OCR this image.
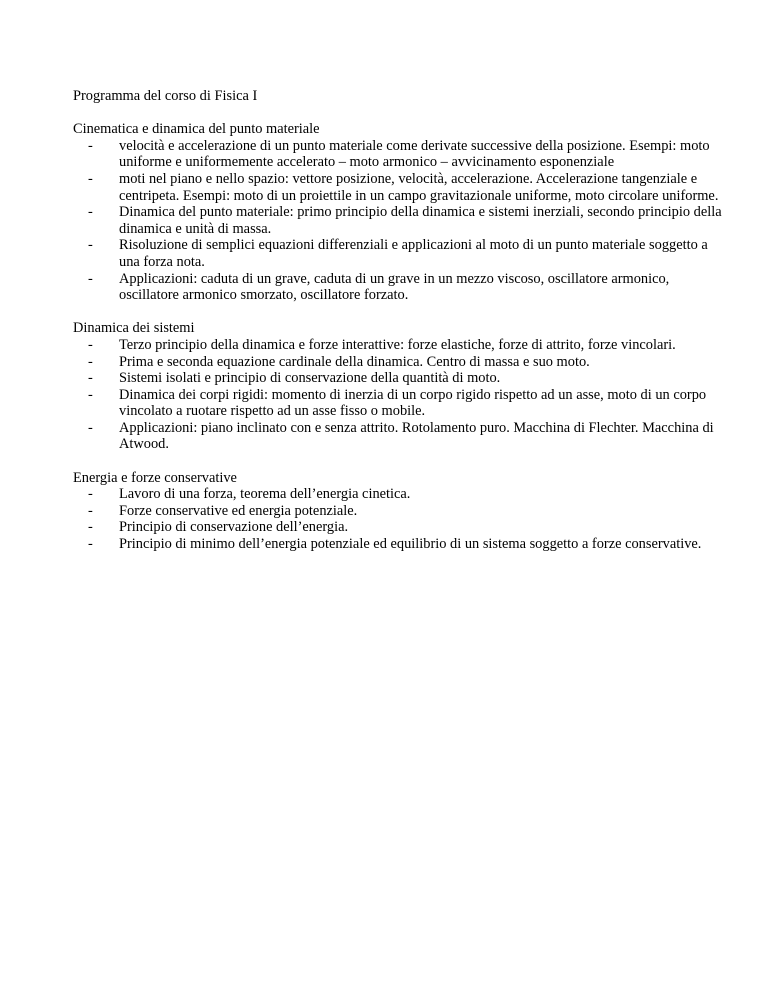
Programma del corso di Fisica I

Cinematica e dinamica del punto materiale

- velocità e accelerazione di un punto materiale come derivate successive della posizione. Esempi: moto uniforme e uniformemente accelerato – moto armonico – avvicinamento esponenziale
- moti nel piano e nello spazio: vettore posizione, velocità, accelerazione. Accelerazione tangenziale e centripeta. Esempi: moto di un proiettile in un campo gravitazionale uniforme, moto circolare uniforme.
- Dinamica del punto materiale: primo principio della dinamica e sistemi inerziali, secondo principio della dinamica e unità di massa.
- Risoluzione di semplici equazioni differenziali e applicazioni al moto di un punto materiale soggetto a una forza nota.
- Applicazioni: caduta di un grave, caduta di un grave in un mezzo viscoso, oscillatore armonico, oscillatore armonico smorzato, oscillatore forzato.

Dinamica dei sistemi

- Terzo principio della dinamica e forze interattive: forze elastiche, forze di attrito, forze vincolari.
- Prima e seconda equazione cardinale della dinamica. Centro di massa e suo moto.
- Sistemi isolati e principio di conservazione della quantità di moto.
- Dinamica dei corpi rigidi: momento di inerzia di un corpo rigido rispetto ad un asse, moto di un corpo vincolato a ruotare rispetto ad un asse fisso o mobile.
- Applicazioni: piano inclinato con e senza attrito. Rotolamento puro. Macchina di Flechter. Macchina di Atwood.

Energia e forze conservative

- Lavoro di una forza, teorema dell’energia cinetica.
- Forze conservative ed energia potenziale.
- Principio di conservazione dell’energia.
- Principio di minimo dell’energia potenziale ed equilibrio di un sistema soggetto a forze conservative.
